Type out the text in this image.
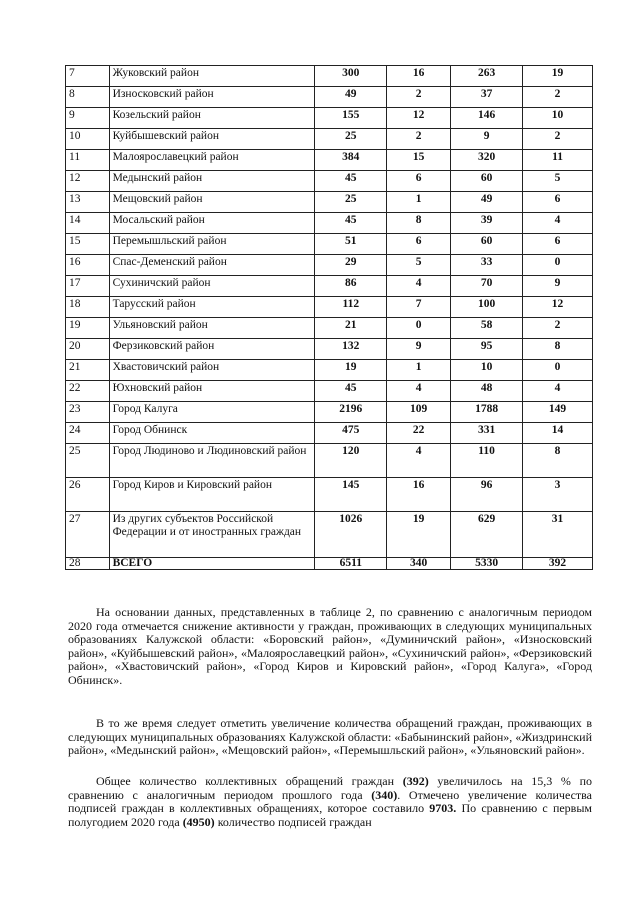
7	Жуковский район	300	16	263	19
8	Износковский район	49	2	37	2
9	Козельский район	155	12	146	10
10	Куйбышевский район	25	2	9	2
11	Малоярославецкий район	384	15	320	11
12	Медынский район	45	6	60	5
13	Мещовский район	25	1	49	6
14	Мосальский район	45	8	39	4
15	Перемышльский район	51	6	60	6
16	Спас-Деменский район	29	5	33	0
17	Сухиничский район	86	4	70	9
18	Тарусский район	112	7	100	12
19	Ульяновский район	21	0	58	2
20	Ферзиковский район	132	9	95	8
21	Хвастовичский район	19	1	10	0
22	Юхновский район	45	4	48	4
23	Город Калуга	2196	109	1788	149
24	Город Обнинск	475	22	331	14
25	Город Людиново и Людиновский район	120	4	110	8
26	Город Киров и Кировский район	145	16	96	3
27	Из других субъектов Российской Федерации и от иностранных граждан	1026	19	629	31
28	ВСЕГО	6511	340	5330	392
На основании данных, представленных в таблице 2, по сравнению с аналогичным периодом 2020 года отмечается снижение активности у граждан, проживающих в следующих муниципальных образованиях Калужской области: «Боровский район», «Думиничский район», «Износковский район», «Куйбышевский район», «Малоярославецкий район», «Сухиничский район», «Ферзиковский район», «Хвастовичский район», «Город Киров и Кировский район», «Город Калуга», «Город Обнинск».
В то же время следует отметить увеличение количества обращений граждан, проживающих в следующих муниципальных образованиях Калужской области: «Бабынинский район», «Жиздринский район», «Медынский район», «Мещовский район», «Перемышльский район», «Ульяновский район».
Общее количество коллективных обращений граждан (392) увеличилось на 15,3 % по сравнению с аналогичным периодом прошлого года (340). Отмечено увеличение количества подписей граждан в коллективных обращениях, которое составило 9703. По сравнению с первым полугодием 2020 года (4950) количество подписей граждан
